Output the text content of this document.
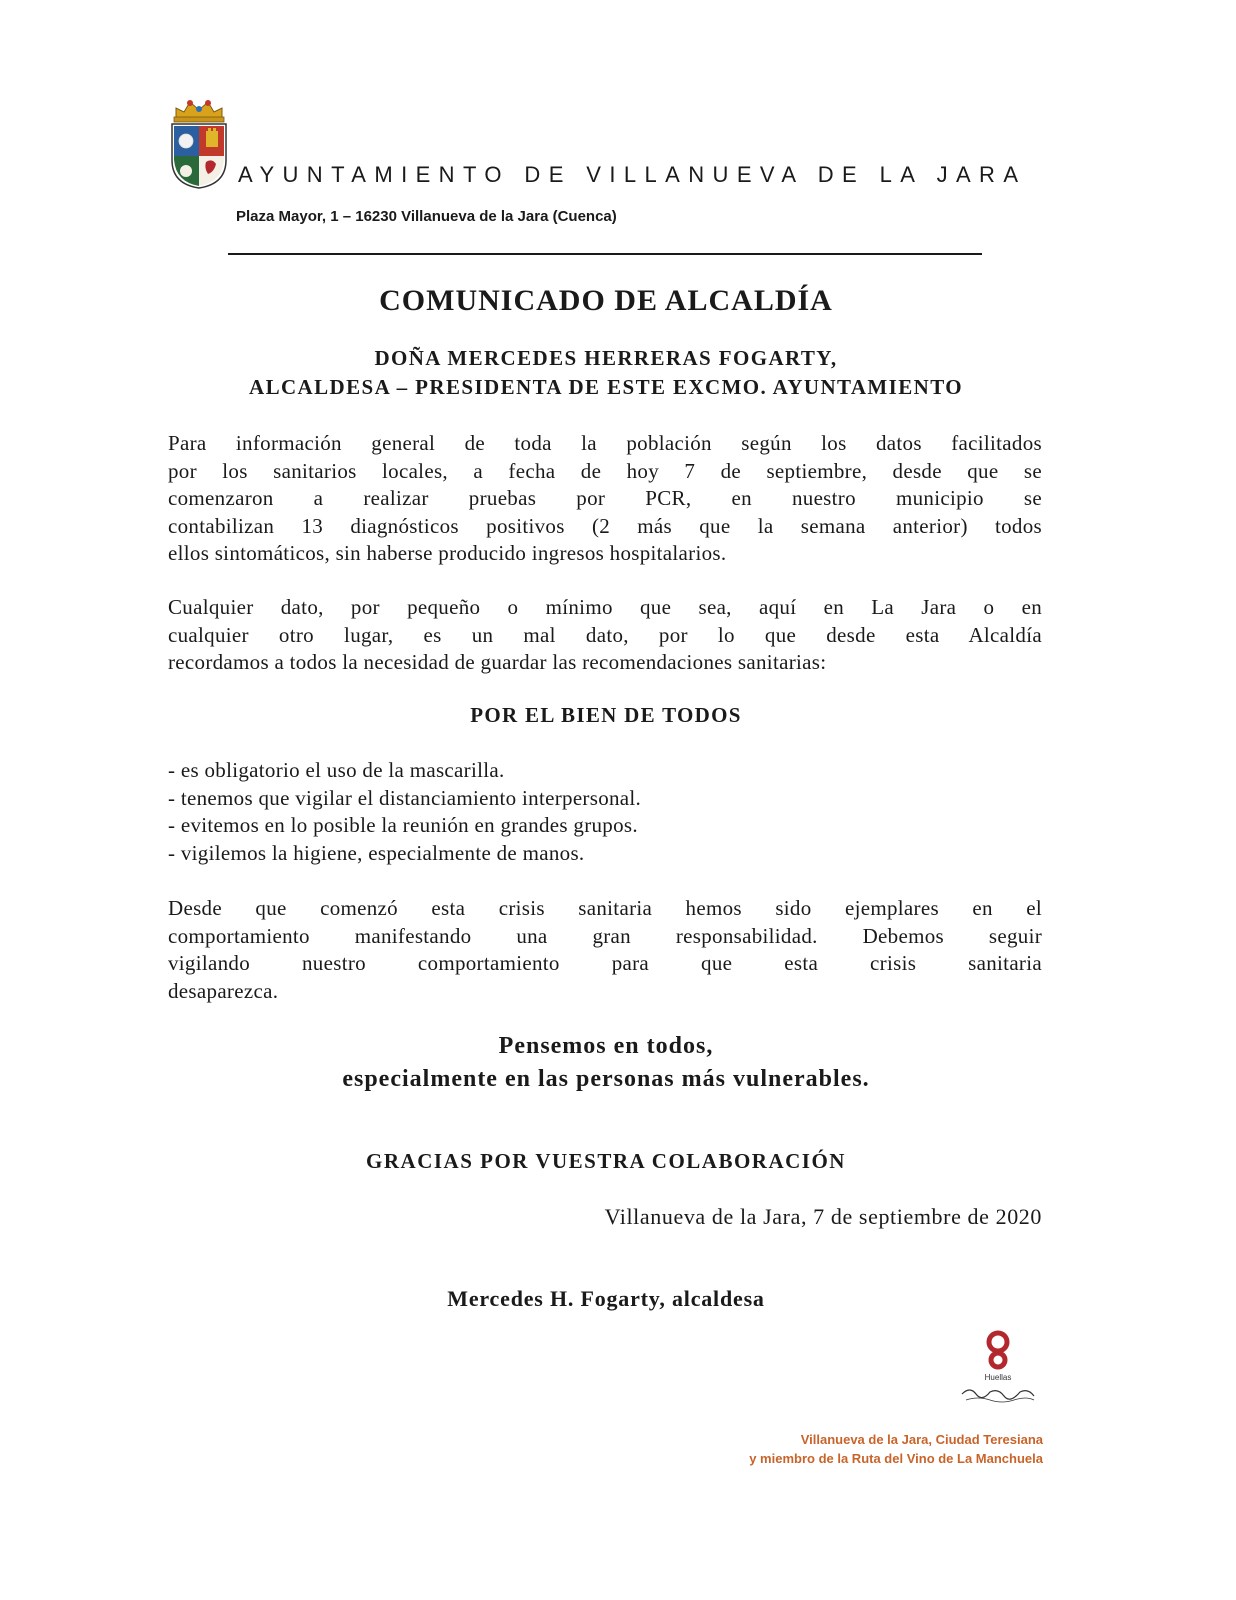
AYUNTAMIENTO DE VILLANUEVA DE LA JARA
Plaza Mayor, 1 – 16230 Villanueva de la Jara (Cuenca)
COMUNICADO DE ALCALDÍA
DOÑA MERCEDES HERRERAS FOGARTY,
ALCALDESA – PRESIDENTA DE ESTE EXCMO. AYUNTAMIENTO

Para información general de toda la población según los datos facilitados
por los sanitarios locales, a fecha de hoy 7 de septiembre, desde que se
comenzaron a realizar pruebas por PCR, en nuestro municipio se
contabilizan 13 diagnósticos positivos (2 más que la semana anterior) todos
ellos sintomáticos, sin haberse producido ingresos hospitalarios.

Cualquier dato, por pequeño o mínimo que sea, aquí en La Jara o en
cualquier otro lugar, es un mal dato, por lo que desde esta Alcaldía
recordamos a todos la necesidad de guardar las recomendaciones sanitarias:

POR EL BIEN DE TODOS
- es obligatorio el uso de la mascarilla.
- tenemos que vigilar el distanciamiento interpersonal.
- evitemos en lo posible la reunión en grandes grupos.
- vigilemos la higiene, especialmente de manos.

Desde que comenzó esta crisis sanitaria hemos sido ejemplares en el
comportamiento manifestando una gran responsabilidad. Debemos seguir
vigilando nuestro comportamiento para que esta crisis sanitaria
desaparezca.

Pensemos en todos,
especialmente en las personas más vulnerables.
GRACIAS POR VUESTRA COLABORACIÓN
Villanueva de la Jara, 7 de septiembre de 2020
Mercedes H. Fogarty, alcaldesa
Huellas
Villanueva de la Jara, Ciudad Teresiana
y miembro de la Ruta del Vino de La Manchuela
